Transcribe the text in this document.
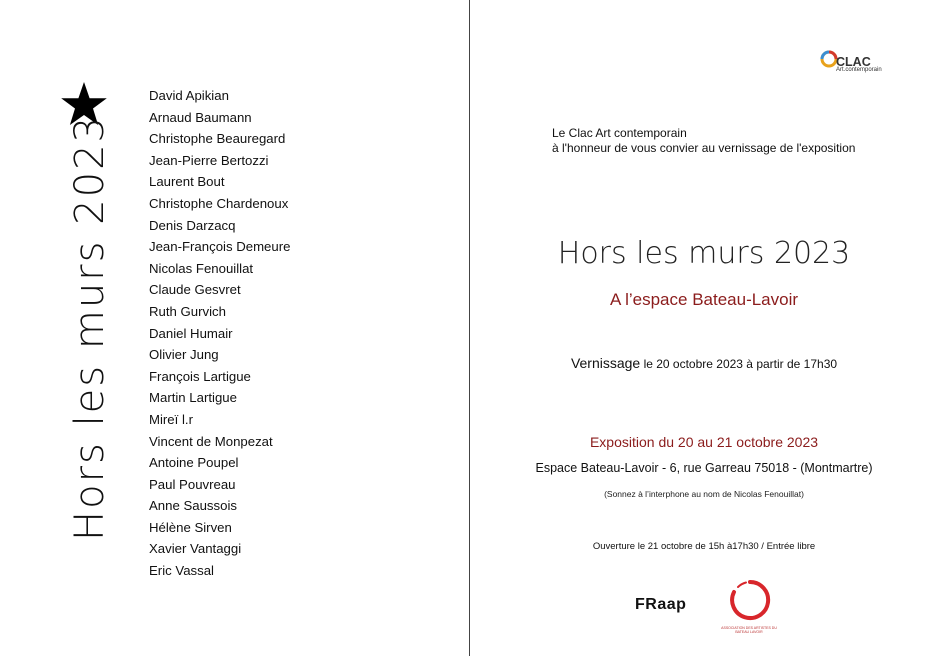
Hors les murs 2023
David Apikian
Arnaud Baumann
Christophe Beauregard
Jean-Pierre Bertozzi
Laurent Bout
Christophe Chardenoux
Denis Darzacq
Jean-François Demeure
Nicolas Fenouillat
Claude Gesvret
Ruth Gurvich
Daniel Humair
Olivier Jung
François Lartigue
Martin Lartigue
Mireï l.r
Vincent de Monpezat
Antoine Poupel
Paul Pouvreau
Anne Saussois
Hélène Sirven
Xavier Vantaggi
Eric Vassal
CLAC
Art.contemporain
Le Clac Art contemporain
à l'honneur de vous convier au vernissage de l'exposition
Hors les murs 2023
A l’espace Bateau-Lavoir
Vernissage le 20 octobre 2023 à partir de 17h30
Exposition du 20 au 21 octobre 2023
Espace Bateau-Lavoir - 6, rue Garreau 75018 - (Montmartre)
(Sonnez à l’interphone au nom de Nicolas Fenouillat)
Ouverture le 21 octobre de 15h à17h30 / Entrée libre
FRaap
ASSOCIATION DES ARTISTES DU BATEAU LAVOIR
